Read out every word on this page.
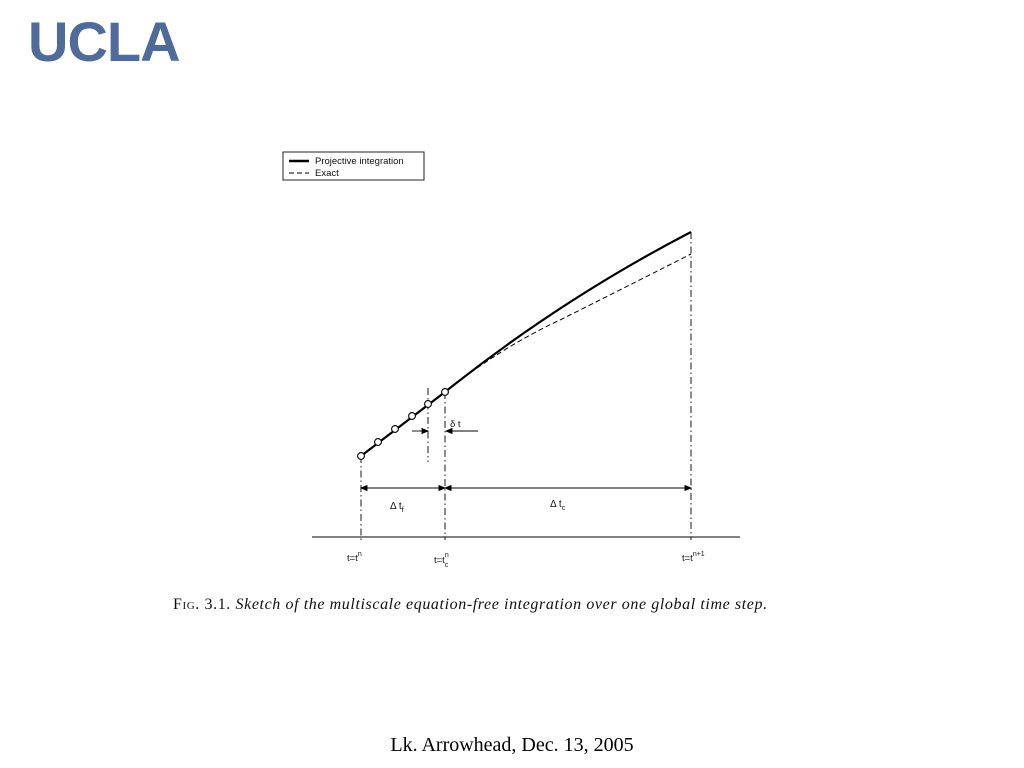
UCLA
Projective integration
Exact
δ t
Δ $t_f$
Δ $t_c$
$t=t^n$
$t=t^n$ c
$t=t^{n+1}$
Fig. 3.1. Sketch of the multiscale equation-free integration over one global time step.
Lk. Arrowhead, Dec. 13, 2005
